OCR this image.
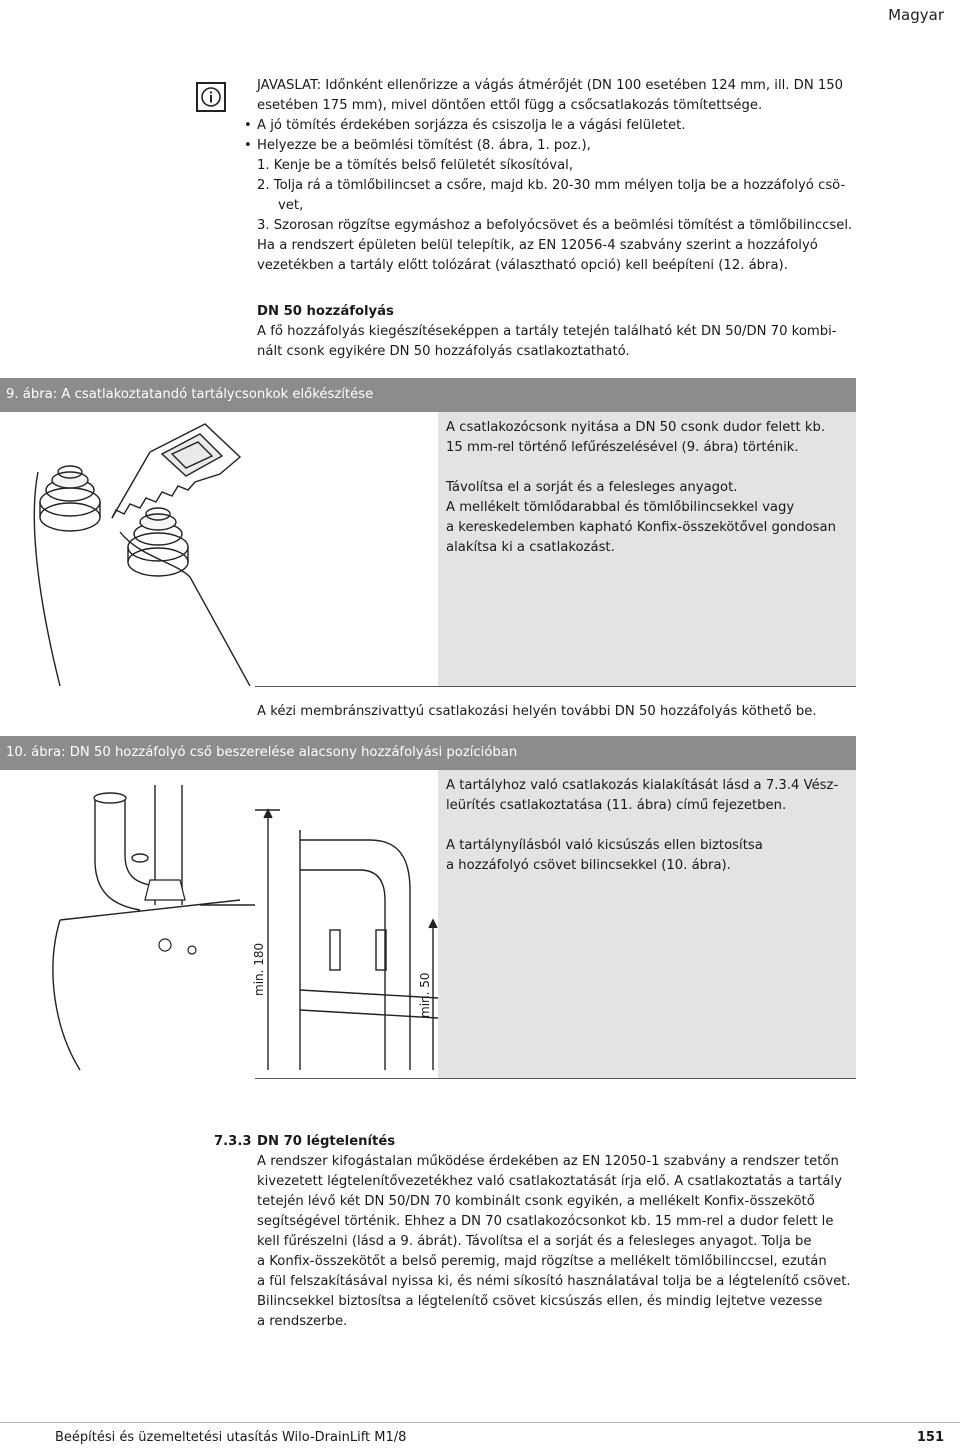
Magyar
JAVASLAT: Időnként ellenőrizze a vágás átmérőjét (DN 100 esetében 124 mm, ill. DN 150
esetében 175 mm), mivel döntően ettől függ a csőcsatlakozás tömítettsége.
• A jó tömítés érdekében sorjázza és csiszolja le a vágási felületet.
• Helyezze be a beömlési tömítést (8. ábra, 1. poz.),
1. Kenje be a tömítés belső felületét síkosítóval,
2. Tolja rá a tömlőbilincset a csőre, majd kb. 20-30 mm mélyen tolja be a hozzáfolyó csö-
vet,
3. Szorosan rögzítse egymáshoz a befolyócsövet és a beömlési tömítést a tömlőbilinccsel.
Ha a rendszert épületen belül telepítik, az EN 12056-4 szabvány szerint a hozzáfolyó
vezetékben a tartály előtt tolózárat (választható opció) kell beépíteni (12. ábra).
DN 50 hozzáfolyás
A fő hozzáfolyás kiegészítéseképpen a tartály tetején található két DN 50/DN 70 kombi-
nált csonk egyikére DN 50 hozzáfolyás csatlakoztatható.
9. ábra: A csatlakoztatandó tartálycsonkok előkészítése
A csatlakozócsonk nyitása a DN 50 csonk dudor felett kb.
15 mm-rel történő lefűrészelésével (9. ábra) történik.
Távolítsa el a sorját és a felesleges anyagot.
A mellékelt tömlődarabbal és tömlőbilincsekkel vagy
a kereskedelemben kapható Konfix-összekötővel gondosan
alakítsa ki a csatlakozást.
A kézi membránszivattyú csatlakozási helyén további DN 50 hozzáfolyás köthető be.
10. ábra: DN 50 hozzáfolyó cső beszerelése alacsony hozzáfolyási pozícióban
A tartályhoz való csatlakozás kialakítását lásd a 7.3.4 Vész-
leürítés csatlakoztatása (11. ábra) című fejezetben.
A tartálynyílásból való kicsúszás ellen biztosítsa
a hozzáfolyó csövet bilincsekkel (10. ábra).
min. 180	min. 50
7.3.3 DN 70 légtelenítés
A rendszer kifogástalan működése érdekében az EN 12050-1 szabvány a rendszer tetőn
kivezetett légtelenítővezetékhez való csatlakoztatását írja elő. A csatlakoztatás a tartály
tetején lévő két DN 50/DN 70 kombinált csonk egyikén, a mellékelt Konfix-összekötő
segítségével történik. Ehhez a DN 70 csatlakozócsonkot kb. 15 mm-rel a dudor felett le
kell fűrészelni (lásd a 9. ábrát). Távolítsa el a sorját és a felesleges anyagot. Tolja be
a Konfix-összekötőt a belső peremig, majd rögzítse a mellékelt tömlőbilinccsel, ezután
a fül felszakításával nyissa ki, és némi síkosító használatával tolja be a légtelenítő csövet.
Bilincsekkel biztosítsa a légtelenítő csövet kicsúszás ellen, és mindig lejtetve vezesse
a rendszerbe.
Beépítési és üzemeltetési utasítás Wilo-DrainLift M1/8	151
